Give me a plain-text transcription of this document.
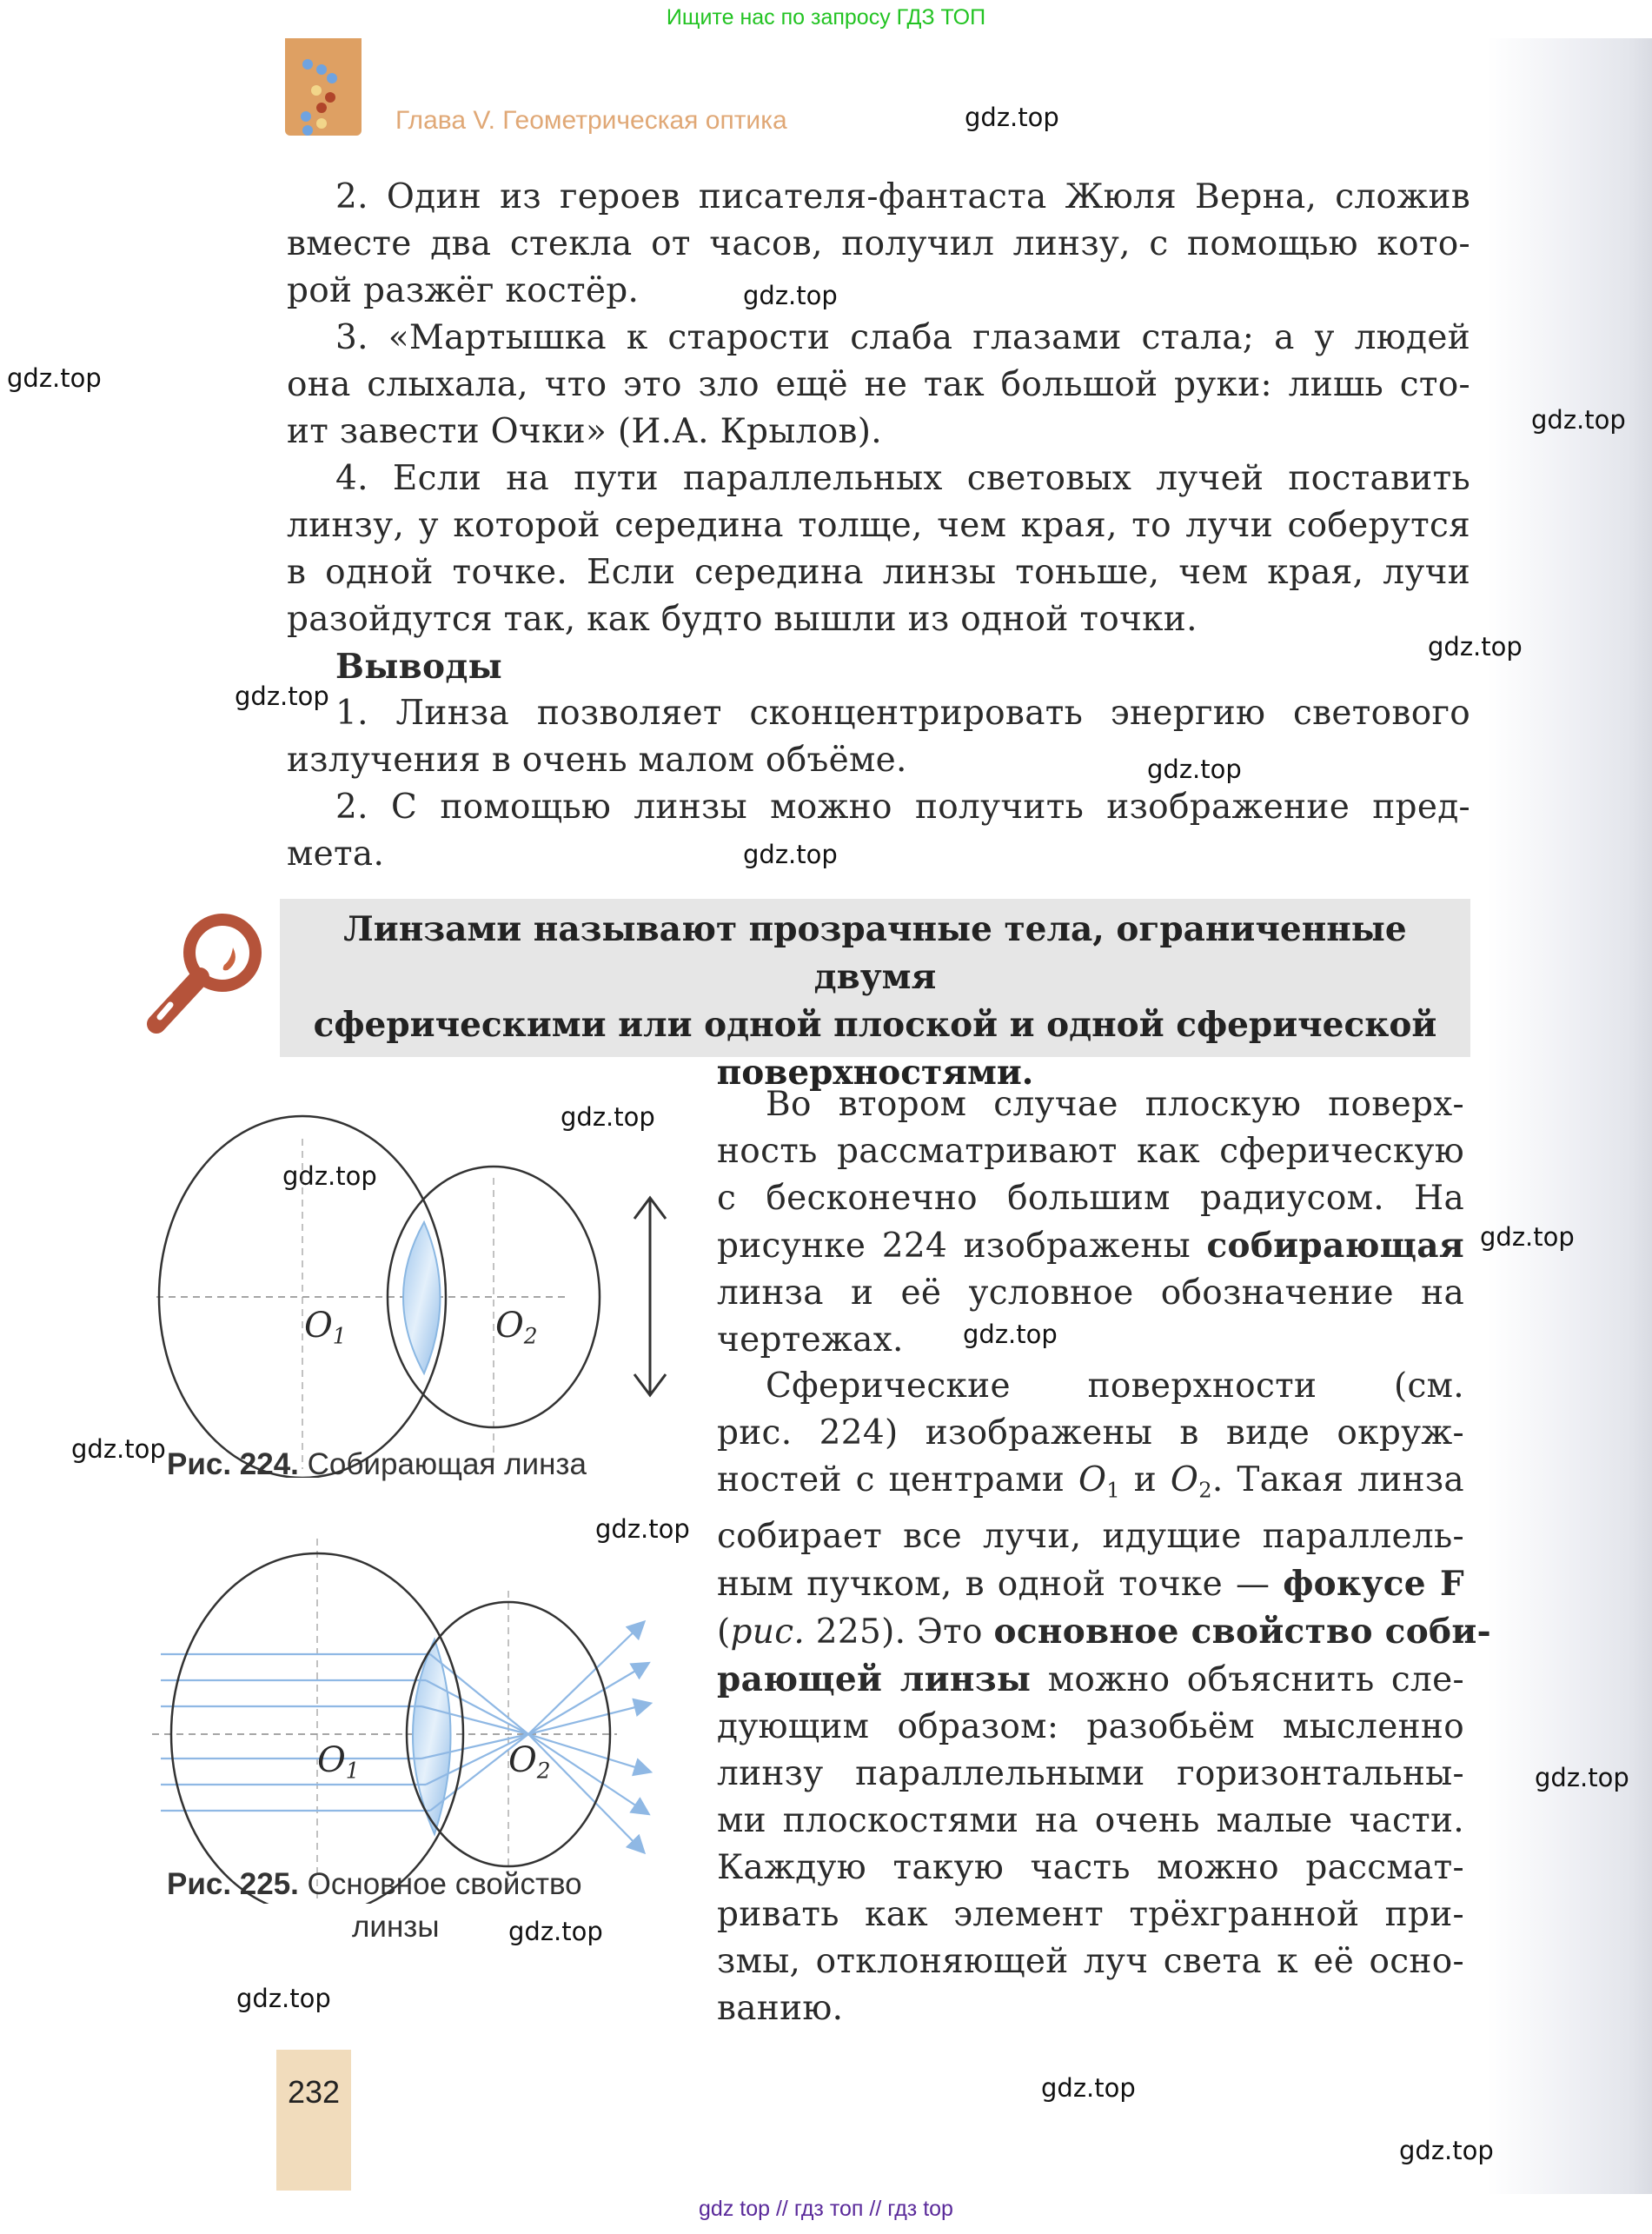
Ищите нас по запросу ГДЗ ТОП
Глава V. Геометрическая оптика	gdz.top
gdz.top
gdz.top
gdz.top
gdz.top
gdz.top
gdz.top
gdz.top
gdz.top
gdz.top
gdz.top
gdz.top
gdz.top
gdz.top
gdz.top
gdz.top
gdz.top
gdz.top
gdz.top
2. Один из героев писателя-фантаста Жюля Верна, сложив
вместе два стекла от часов, получил линзу, с помощью кото-
рой разжёг костёр.
3. «Мартышка к старости слаба глазами стала; а у людей
она слыхала, что это зло ещё не так большой руки: лишь сто-
ит завести Очки» (И.А. Крылов).
4. Если на пути параллельных световых лучей поставить
линзу, у которой середина толще, чем края, то лучи соберутся
в одной точке. Если середина линзы тоньше, чем края, лучи
разойдутся так, как будто вышли из одной точки.
Выводы
1. Линза позволяет сконцентрировать энергию светового
излучения в очень малом объёме.
2. С помощью линзы можно получить изображение пред-
мета.
Линзами называют прозрачные тела, ограниченные двумя
сферическими или одной плоской и одной сферической
поверхностями.
$O_1$	$O_2$
Рис. 224. Собирающая линза
$O_1$	$O_2$
Рис. 225. Основное свойство
линзы
Во втором случае плоскую поверх-
ность рассматривают как сферическую
с бесконечно большим радиусом. На
рисунке 224 изображены собирающая
линза и её условное обозначение на
чертежах.
Сферические поверхности (см.
рис. 224) изображены в виде окруж-
ностей с центрами $O_1$ и $O_2$. Такая линза
собирает все лучи, идущие параллель-
ным пучком, в одной точке — фокусе F
(рис. 225). Это основное свойство соби-
рающей линзы можно объяснить сле-
дующим образом: разобьём мысленно
линзу параллельными горизонтальны-
ми плоскостями на очень малые части.
Каждую такую часть можно рассмат-
ривать как элемент трёхгранной при-
змы, отклоняющей луч света к её осно-
ванию.
232
gdz top // гдз топ // гдз top
